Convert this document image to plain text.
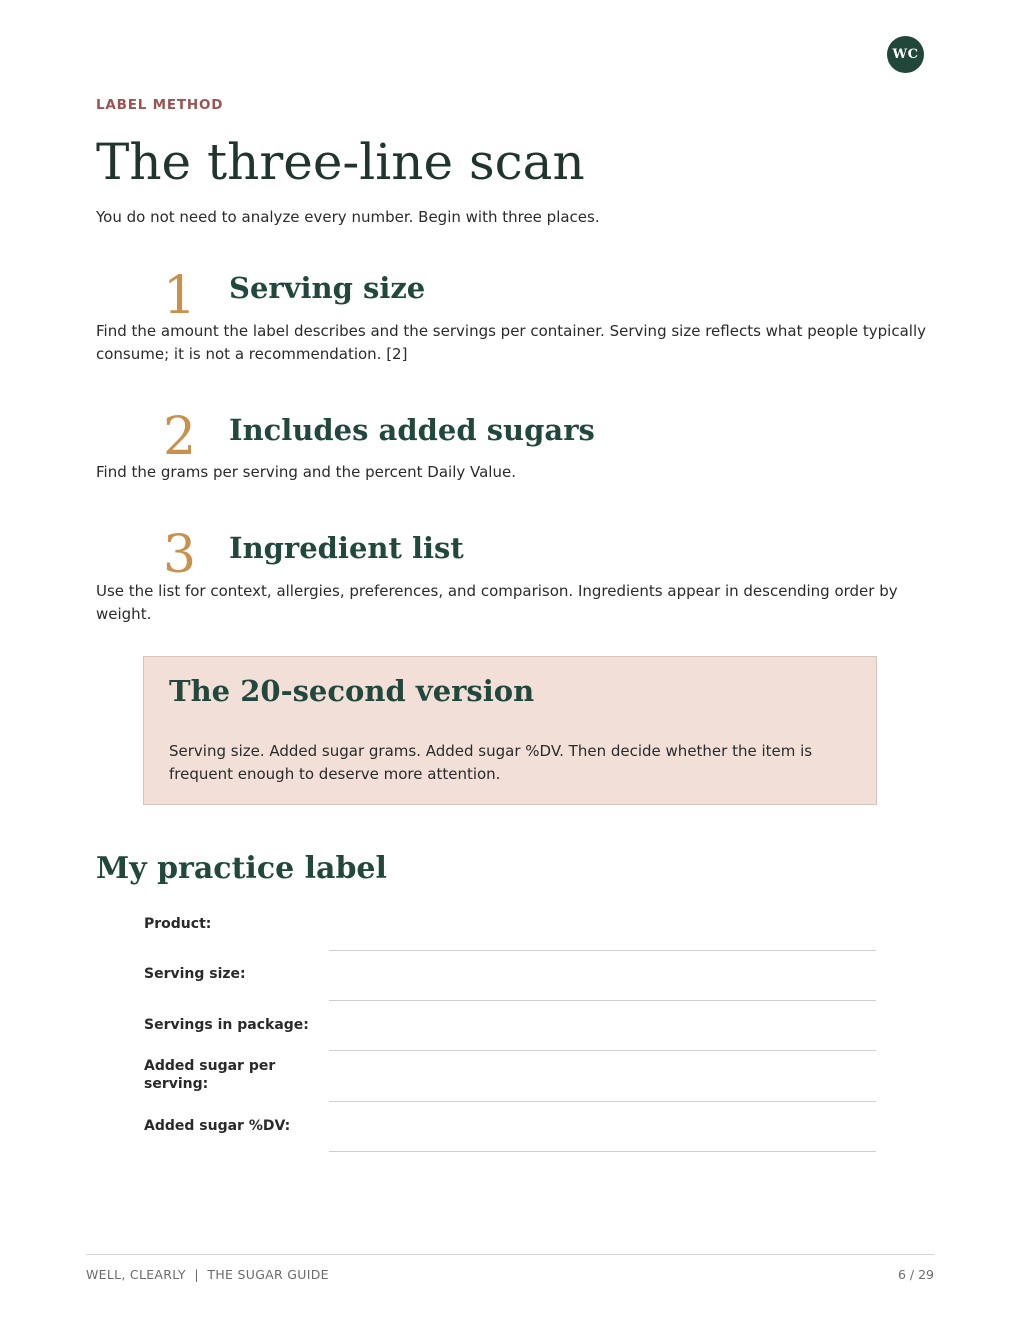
WC
LABEL METHOD
The three-line scan
You do not need to analyze every number. Begin with three places.
1 Serving size

Find the amount the label describes and the servings per container. Serving size reflects what people typically consume; it is not a recommendation. [2]

2 Includes added sugars

Find the grams per serving and the percent Daily Value.

3 Ingredient list

Use the list for context, allergies, preferences, and comparison. Ingredients appear in descending order by weight.

The 20-second version

Serving size. Added sugar grams. Added sugar %DV. Then decide whether the item is frequent enough to deserve more attention.

My practice label
Product:
Serving size:
Servings in package:
Added sugar per serving:
Added sugar %DV:
WELL, CLEARLY  |  THE SUGAR GUIDE	6 / 29
